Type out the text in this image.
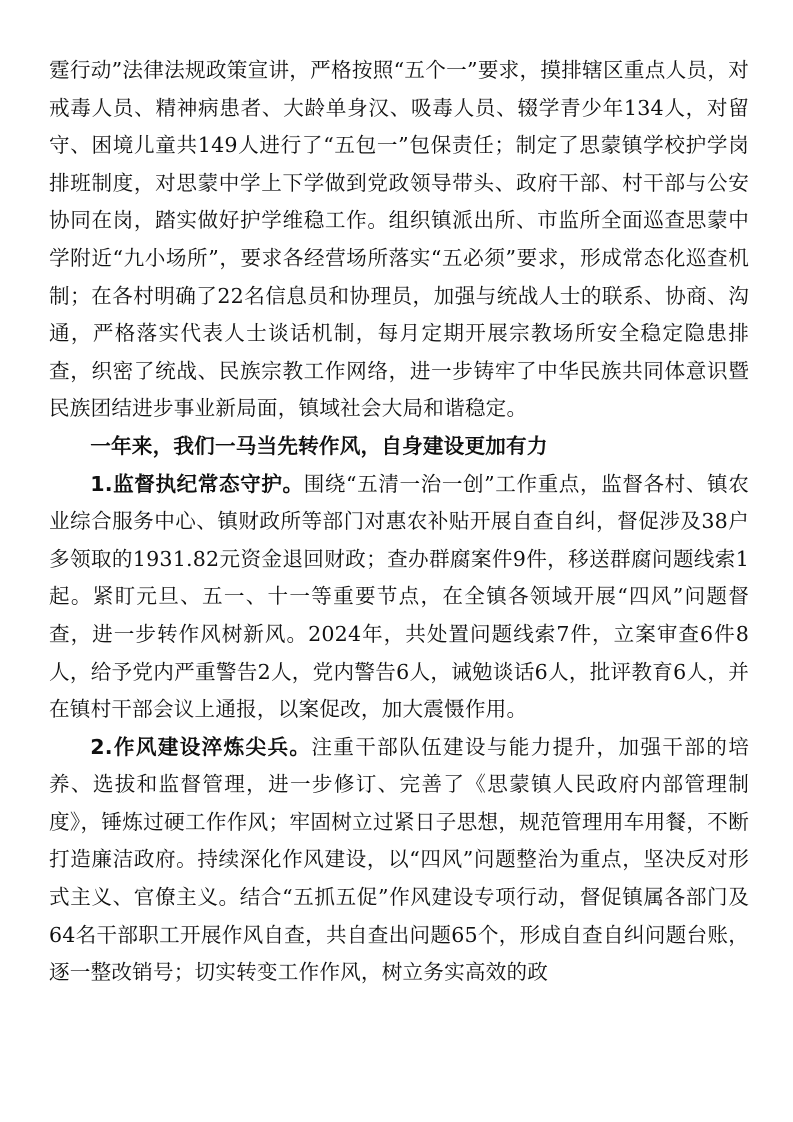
霆行动”法律法规政策宣讲，严格按照“五个一”要求，摸排辖区重点人员，对戒毒人员、精神病患者、大龄单身汉、吸毒人员、辍学青少年134人，对留守、困境儿童共149人进行了“五包一”包保责任；制定了思蒙镇学校护学岗排班制度，对思蒙中学上下学做到党政领导带头、政府干部、村干部与公安协同在岗，踏实做好护学维稳工作。组织镇派出所、市监所全面巡查思蒙中学附近“九小场所”，要求各经营场所落实“五必须”要求，形成常态化巡查机制；在各村明确了22名信息员和协理员，加强与统战人士的联系、协商、沟通，严格落实代表人士谈话机制，每月定期开展宗教场所安全稳定隐患排查，织密了统战、民族宗教工作网络，进一步铸牢了中华民族共同体意识暨民族团结进步事业新局面，镇域社会大局和谐稳定。

一年来，我们一马当先转作风，自身建设更加有力

1.监督执纪常态守护。围绕“五清一治一创”工作重点，监督各村、镇农业综合服务中心、镇财政所等部门对惠农补贴开展自查自纠，督促涉及38户多领取的1931.82元资金退回财政；查办群腐案件9件，移送群腐问题线索1起。紧盯元旦、五一、十一等重要节点，在全镇各领域开展“四风”问题督查，进一步转作风树新风。2024年，共处置问题线索7件，立案审查6件8人，给予党内严重警告2人，党内警告6人，诫勉谈话6人，批评教育6人，并在镇村干部会议上通报，以案促改，加大震慑作用。

2.作风建设淬炼尖兵。注重干部队伍建设与能力提升，加强干部的培养、选拔和监督管理，进一步修订、完善了《思蒙镇人民政府内部管理制度》，锤炼过硬工作作风；牢固树立过紧日子思想，规范管理用车用餐，不断打造廉洁政府。持续深化作风建设，以“四风”问题整治为重点，坚决反对形式主义、官僚主义。结合“五抓五促”作风建设专项行动，督促镇属各部门及64名干部职工开展作风自查，共自查出问题65个，形成自查自纠问题台账，逐一整改销号；切实转变工作作风，树立务实高效的政
